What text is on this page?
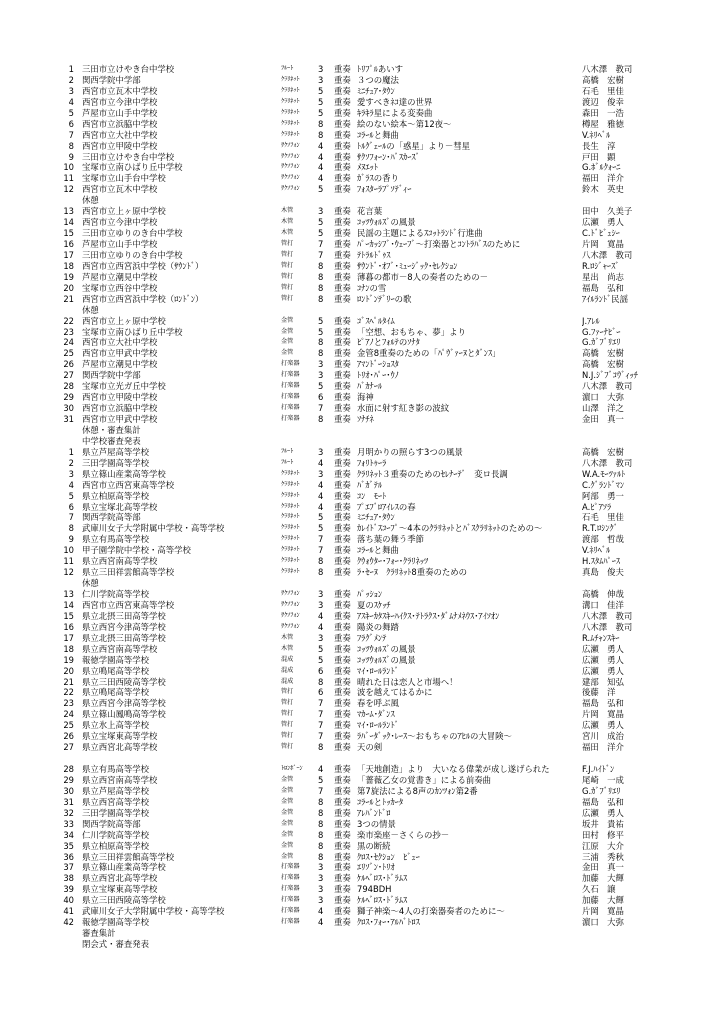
1 三田市立けやき台中学校	ﾌﾙｰﾄ	3	重奏 ﾄﾘﾌﾟﾙあいす	八木澤　教司
2 関西学院中学部	ｸﾗﾘﾈｯﾄ	3	重奏 ３つの魔法	高橋　宏樹
3 西宮市立瓦木中学校	ｸﾗﾘﾈｯﾄ	5	重奏 ﾐﾆﾁｭｱ･ﾀｳﾝ	石毛　里佳
4 西宮市立今津中学校	ｸﾗﾘﾈｯﾄ	5	重奏 愛すべきﾈｺ達の世界	渡辺　俊幸
5 芦屋市立山手中学校	ｸﾗﾘﾈｯﾄ	5	重奏 ｷﾗｷﾗ星による変奏曲	森田　一浩
6 西宮市立浜脇中学校	ｸﾗﾘﾈｯﾄ	8	重奏 絵のない絵本～第12夜～	樽屋　雅徳
7 西宮市立大社中学校	ｸﾗﾘﾈｯﾄ	8	重奏 ｺﾗｰﾙと舞曲	V.ﾈﾘﾍﾞﾙ
8 西宮市立甲陵中学校	ｻｸｿﾌｫﾝ	4	重奏 ﾄﾙｸﾞｪｰﾙの「惑星」より－彗星	長生　淳
9 三田市立けやき台中学校	ｻｸｿﾌｫﾝ	4	重奏 ｻｸｿﾌｫｰﾝ･ﾊﾞｽｶｰｽﾞ	戸田　顕
10 宝塚市立南ひばり丘中学校	ｻｸｿﾌｫﾝ	4	重奏 ﾒﾇｴｯﾄ	G.ﾎﾞﾙｸｫｰﾆ
11 宝塚市立山手台中学校	ｻｸｿﾌｫﾝ	4	重奏 ｶﾞﾗｽの香り	福田　洋介
12 西宮市立瓦木中学校	ｻｸｿﾌｫﾝ	5	重奏 ﾌｫｽﾀｰﾗﾌﾟｿﾃﾞｨｰ	鈴木　英史
休憩
13 西宮市立上ヶ原中学校	木管	3	重奏 花言葉	田中　久美子
14 西宮市立今津中学校	木管	5	重奏 ｺｯﾂｳｫﾙｽﾞの風景	広瀬　勇人
15 三田市立ゆりのき台中学校	木管	5	重奏 民謡の主題によるｽｺｯﾄﾗﾝﾄﾞ行進曲	C.ﾄﾞﾋﾞｭｼｰ
16 芦屋市立山手中学校	管打	7	重奏 ﾊﾟｰｶｯｼﾌﾞ･ｳｪｰﾌﾞ～打楽器とｺﾝﾄﾗﾊﾞｽのために	片岡　寛晶
17 三田市立ゆりのき台中学校	管打	7	重奏 ﾃﾄﾗﾙﾄﾞｩｽ	八木澤　教司
18 西宮市立西宮浜中学校（ｻｳﾝﾄﾞ）	管打	8	重奏 ｻｳﾝﾄﾞ･ｵﾌﾞ･ﾐｭｰｼﾞｯｸ･ｾﾚｸｼｮﾝ	R.ﾛｼﾞｬｰｽﾞ
19 芦屋市立潮見中学校	管打	8	重奏 薄暮の都市－8人の奏者のための－	星出　尚志
20 宝塚市立西谷中学校	管打	8	重奏 ｺﾅﾝの雪	福島　弘和
21 西宮市立西宮浜中学校（ﾛﾝﾄﾞﾝ）	管打	8	重奏 ﾛﾝﾄﾞﾝﾃﾞﾘｰの歌	ｱｲﾙﾗﾝﾄﾞ民謡
休憩
22 西宮市立上ヶ原中学校	金管	5	重奏 ｺﾞｽﾍﾟﾙﾀｲﾑ	J.ｱﾚﾙ
23 宝塚市立南ひばり丘中学校	金管	5	重奏 「空想、おもちゃ、夢」より	G.ﾌｧｰﾅﾋﾞｰ
24 西宮市立大社中学校	金管	8	重奏 ﾋﾟｱﾉとﾌｫﾙﾃのｿﾅﾀ	G.ｶﾞﾌﾞﾘｴﾘ
25 西宮市立甲武中学校	金管	8	重奏 金管8重奏のための「ﾊﾟｳﾞｧｰﾇとﾀﾞﾝｽ」	高橋　宏樹
26 芦屋市立潮見中学校	打楽器	3	重奏 ｱﾏﾝﾄﾞｰｼｮｽﾀ	高橋　宏樹
27 関西学院中学部	打楽器	3	重奏 ﾄﾘｵ･ﾊﾟｰ･ｳﾉ	N.J.ｼﾞﾌﾞｺｳﾞｨｯﾁ
28 宝塚市立光ガ丘中学校	打楽器	5	重奏 ﾊﾞｶﾅｰﾙ	八木澤　教司
29 西宮市立甲陵中学校	打楽器	6	重奏 海神	濵口　大弥
30 西宮市立浜脇中学校	打楽器	7	重奏 水面に射す紅き影の波紋	山澤　洋之
31 西宮市立甲武中学校	打楽器	8	重奏 ｿﾅﾁﾈ	金田　真一
休憩・審査集計
中学校審査発表
1 県立芦屋高等学校	ﾌﾙｰﾄ	3	重奏 月明かりの照らす3つの風景	高橋　宏樹
2 三田学園高等学校	ﾌﾙｰﾄ	4	重奏 ﾌｫﾘﾄｩｰﾗ	八木澤　教司
3 県立篠山産業高等学校	ｸﾗﾘﾈｯﾄ	3	重奏 ｸﾗﾘﾈｯﾄ３重奏のためのｾﾚﾅｰﾃﾞ　変ロ長調	W.A.ﾓｰﾂｧﾙﾄ
4 西宮市立西宮東高等学校	ｸﾗﾘﾈｯﾄ	4	重奏 ﾊﾞｶﾞﾃﾙ	C.ｸﾞﾗﾝﾄﾞﾏﾝ
5 県立柏原高等学校	ｸﾗﾘﾈｯﾄ	4	重奏 ｺﾝ　ﾓｰﾄ	阿部　勇一
6 県立宝塚北高等学校	ｸﾗﾘﾈｯﾄ	4	重奏 ﾌﾟｴﾌﾞﾛｱｲﾚｽの春	A.ﾋﾟｱｿﾗ
7 関西学院高等部	ｸﾗﾘﾈｯﾄ	5	重奏 ﾐﾆﾁｭｱ･ﾀｳﾝ	石毛　里佳
8 武庫川女子大学附属中学校・高等学校	ｸﾗﾘﾈｯﾄ	5	重奏 ｶﾚｲﾄﾞｽｺｰﾌﾟ～4本のｸﾗﾘﾈｯﾄとﾊﾞｽｸﾗﾘﾈｯﾄのための～	R.T.ﾛｼﾝｸﾞ
9 県立有馬高等学校	ｸﾗﾘﾈｯﾄ	7	重奏 落ち葉の舞う季節	渡部　哲哉
10 甲子園学院中学校・高等学校	ｸﾗﾘﾈｯﾄ	7	重奏 ｺﾗｰﾙと舞曲	V.ﾈﾘﾍﾞﾙ
11 県立西宮南高等学校	ｸﾗﾘﾈｯﾄ	8	重奏 ｸｳｫｳﾀｰ･ﾌｫｰ･ｸﾗﾘﾈｯﾂ	H.ｽﾀﾑﾊﾟｰｽ
12 県立三田祥雲館高等学校	ｸﾗﾘﾈｯﾄ	8	重奏 ﾗ･ｾｰﾇ　ｸﾗﾘﾈｯﾄ8重奏のための	真島　俊夫
休憩
13 仁川学院高等学校	ｻｸｿﾌｫﾝ	3	重奏 ﾊﾟｯｼｮﾝ	高橋　伸哉
14 西宮市立西宮東高等学校	ｻｸｿﾌｫﾝ	3	重奏 夏のｽｹｯﾁ	溝口　佳洋
15 県立北摂三田高等学校	ｻｸｿﾌｫﾝ	4	重奏 ｱｽｷｰｶﾀｽｷｰﾊｲｸｽ･ﾃﾄﾗｸｽ･ﾀﾞﾑﾅﾒﾈｳｽ･ｱｲｿｵﾝ	八木澤　教司
16 県立西宮今津高等学校	ｻｸｿﾌｫﾝ	4	重奏 陽炎の舞踏	八木澤　教司
17 県立北摂三田高等学校	木管	3	重奏 ﾌﾗｸﾞﾒﾝﾃ	R.ﾑﾁｬﾝｽｷｰ
18 県立西宮南高等学校	木管	5	重奏 ｺｯﾂｳｫﾙｽﾞの風景	広瀬　勇人
19 報徳学園高等学校	混成	5	重奏 ｺｯﾂｳｫﾙｽﾞの風景	広瀬　勇人
20 県立鳴尾高等学校	混成	6	重奏 ﾏｲ･ﾛｰﾙﾗﾝﾄﾞ	広瀬　勇人
21 県立三田西陵高等学校	混成	8	重奏 晴れた日は恋人と市場へ！	建部　知弘
22 県立鳴尾高等学校	管打	6	重奏 波を越えてはるかに	後藤　洋
23 県立西宮今津高等学校	管打	7	重奏 春を呼ぶ風	福島　弘和
24 県立篠山鳳鳴高等学校	管打	7	重奏 ﾏｶｰﾑ･ﾀﾞﾝｽ	片岡　寛晶
25 県立氷上高等学校	管打	7	重奏 ﾏｲ･ﾛｰﾙﾗﾝﾄﾞ	広瀬　勇人
26 県立宝塚東高等学校	管打	7	重奏 ﾗﾊﾞｰﾀﾞｯｸ･ﾚｰｽ～おもちゃのｱﾋﾙの大冒険～	宮川　成治
27 県立西宮北高等学校	管打	8	重奏 天の剣	福田　洋介
28 県立有馬高等学校	ﾄﾛﾝﾎﾞｰﾝ	4	重奏 「天地創造」より　大いなる偉業が成し遂げられた	F.J.ﾊｲﾄﾞﾝ
29 県立西宮南高等学校	金管	5	重奏 「薔薇乙女の覚書き」による前奏曲	尾崎　一成
30 県立芦屋高等学校	金管	7	重奏 第7旋法による8声のｶﾝﾂｫﾝ第2番	G.ｶﾞﾌﾞﾘｴﾘ
31 県立西宮高等学校	金管	8	重奏 ｺﾗｰﾙとﾄｯｶｰﾀ	福島　弘和
32 三田学園高等学校	金管	8	重奏 ｱﾚﾊﾞﾝﾄﾞﾛ	広瀬　勇人
33 関西学院高等部	金管	8	重奏 3つの情景	坂井　貴祐
34 仁川学院高等学校	金管	8	重奏 楽市楽座－さくらの抄－	田村　修平
35 県立柏原高等学校	金管	8	重奏 黒の断続	江原　大介
36 県立三田祥雲館高等学校	金管	8	重奏 ｸﾛｽ･ｾｸｼｮﾝ　ﾋﾞｭｰ	三浦　秀秋
37 県立篠山産業高等学校	打楽器	3	重奏 ｴﾘｿﾞﾝ･ﾄﾘｵ	金田　真一
38 県立西宮北高等学校	打楽器	3	重奏 ｹﾙﾍﾞﾛｽ･ﾄﾞﾗﾑｽ	加藤　大輝
39 県立宝塚東高等学校	打楽器	3	重奏 794BDH	久石　譲
40 県立三田西陵高等学校	打楽器	3	重奏 ｹﾙﾍﾞﾛｽ･ﾄﾞﾗﾑｽ	加藤　大輝
41 武庫川女子大学附属中学校・高等学校	打楽器	4	重奏 獅子神楽～4人の打楽器奏者のために～	片岡　寛晶
42 報徳学園高等学校	打楽器	4	重奏 ｸﾛｽ･ﾌｫｰ･ｱﾙﾊﾞﾄﾛｽ	濵口　大弥
審査集計
閉会式・審査発表
